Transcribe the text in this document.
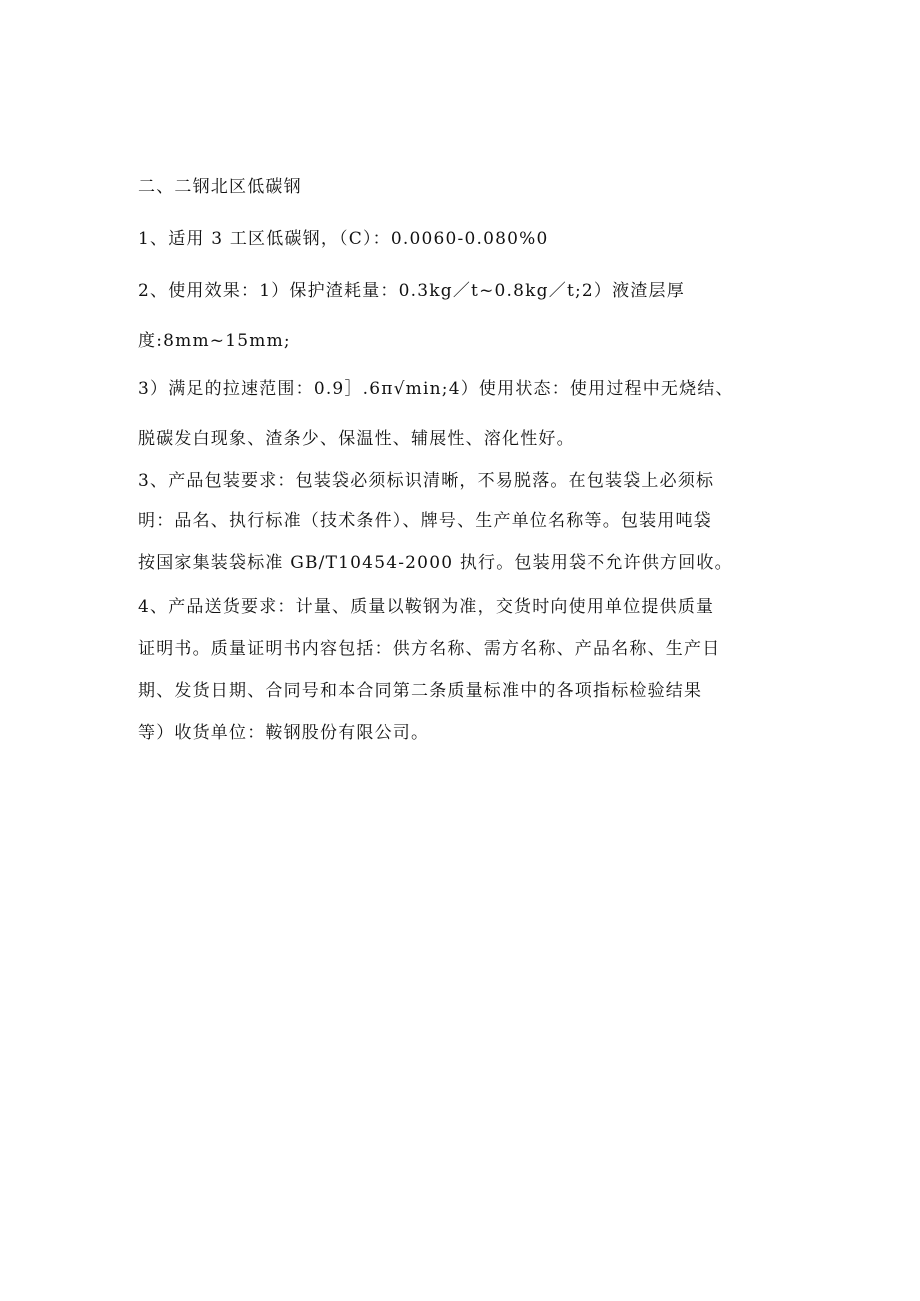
二、二钢北区低碳钢

1、适用 3 工区低碳钢，（C）：0.0060-0.080%0

2、使用效果：1）保护渣耗量：0.3kg／t~0.8kg／t;2）液渣层厚

度:8mm~15mm;

3）满足的拉速范围：0.9］.6π√min;4）使用状态：使用过程中无烧结、

脱碳发白现象、渣条少、保温性、辅展性、溶化性好。

3、产品包装要求：包装袋必须标识清晰，不易脱落。在包装袋上必须标

明：品名、执行标准（技术条件）、牌号、生产单位名称等。包装用吨袋

按国家集装袋标准 GB/T10454-2000 执行。包装用袋不允许供方回收。

4、产品送货要求：计量、质量以鞍钢为准，交货时向使用单位提供质量

证明书。质量证明书内容包括：供方名称、需方名称、产品名称、生产日

期、发货日期、合同号和本合同第二条质量标准中的各项指标检验结果

等）收货单位：鞍钢股份有限公司。
